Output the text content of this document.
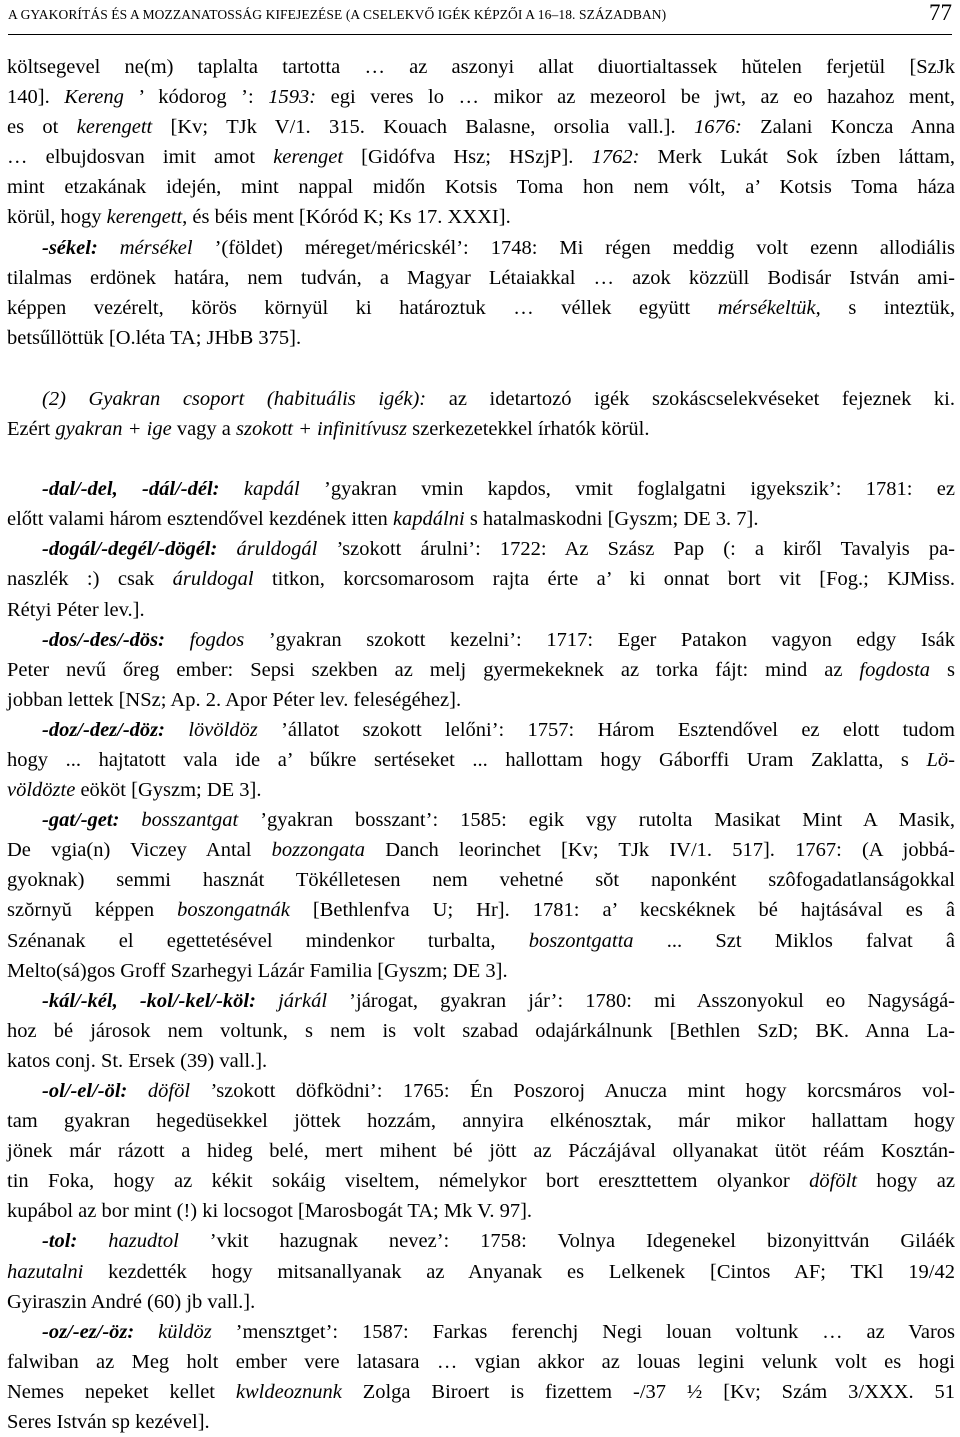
A GYAKORÍTÁS ÉS A MOZZANATOSSÁG KIFEJEZÉSE (A CSELEKVŐ IGÉK KÉPZŐI A 16–18. SZÁZADBAN)	77
költsegevel ne(m) taplalta tartotta … az aszonyi allat diuortialtassek hŭtelen ferjetül [SzJk
140]. Kereng ’ kódorog ’: 1593: egi veres lo … mikor az mezeorol be jwt, az eo hazahoz ment,
es ot kerengett [Kv; TJk V/1. 315. Kouach Balasne, orsolia vall.]. 1676: Zalani Koncza Anna
… elbujdosvan imit amot kerenget [Gidófva Hsz; HSzjP]. 1762: Merk Lukát Sok ízben láttam,
mint etzakának idején, mint nappal midőn Kotsis Toma hon nem vólt, a’ Kotsis Toma háza
körül, hogy kerengett, és béis ment [Kóród K; Ks 17. XXXI].
-sékel: mérsékel ’(földet) méreget/méricskél’: 1748: Mi régen meddig volt ezenn allodiális
tilalmas erdönek határa, nem tudván, a Magyar Létaiakkal … azok közzüll Bodisár István ami-
képpen vezérelt, körös környül ki határoztuk … véllek együtt mérsékeltük, s inteztük,
betsűllöttük [O.léta TA; JHbB 375].
(2) Gyakran csoport (habituális igék): az idetartozó igék szokáscselekvéseket fejeznek ki.
Ezért gyakran + ige vagy a szokott + infinitívusz szerkezetekkel írhatók körül.
-dal/-del, -dál/-dél: kapdál ’gyakran vmin kapdos, vmit foglalgatni igyekszik’: 1781: ez
előtt valami három esztendővel kezdének itten kapdálni s hatalmaskodni [Gyszm; DE 3. 7].
-dogál/-degél/-dögél: áruldogál ’szokott árulni’: 1722: Az Szász Pap (: a kiről Tavalyis pa-
naszlék :) csak áruldogal titkon, korcsomarosom rajta érte a’ ki onnat bort vit [Fog.; KJMiss.
Rétyi Péter lev.].
-dos/-des/-dös: fogdos ’gyakran szokott kezelni’: 1717: Eger Patakon vagyon edgy Isák
Peter nevű őreg ember: Sepsi szekben az melj gyermekeknek az torka fájt: mind az fogdosta s
jobban lettek [NSz; Ap. 2. Apor Péter lev. feleségéhez].
-doz/-dez/-döz: lövöldöz ’állatot szokott lelőni’: 1757: Három Esztendővel ez elott tudom
hogy ... hajtatott vala ide a’ bűkre sertéseket ... hallottam hogy Gáborffi Uram Zaklatta, s Lö-
völdözte eököt [Gyszm; DE 3].
-gat/-get: bosszantgat ’gyakran bosszant’: 1585: egik vgy rutolta Masikat Mint A Masik,
De vgia(n) Viczey Antal bozzongata Danch leorinchet [Kv; TJk IV/1. 517]. 1767: (A jobbá-
gyoknak) semmi hasznát Tökélletesen nem vehetné sŏt naponként szôfogadatlanságokkal
szŏrnyŭ képpen boszongatnák [Bethlenfva U; Hr]. 1781: a’ kecskéknek bé hajtásával es â
Szénanak el egettetésével mindenkor turbalta, boszontgatta ... Szt Miklos falvat â
Melto(sá)gos Groff Szarhegyi Lázár Familia [Gyszm; DE 3].
-kál/-kél, -kol/-kel/-köl: járkál ’járogat, gyakran jár’: 1780: mi Asszonyokul eo Nagyságá-
hoz bé járosok nem voltunk, s nem is volt szabad odajárkálnunk [Bethlen SzD; BK. Anna La-
katos conj. St. Ersek (39) vall.].
-ol/-el/-öl: döföl ’szokott döfködni’: 1765: Én Poszoroj Anucza mint hogy korcsmáros vol-
tam gyakran hegedüsekkel jöttek hozzám, annyira elkénosztak, már mikor hallattam hogy
jönek már rázott a hideg belé, mert mihent bé jött az Páczájával ollyanakat ütöt réám Kosztán-
tin Foka, hogy az kékit sokáig viseltem, némelykor bort ereszttettem olyankor döfölt hogy az
kupábol az bor mint (!) ki locsogot [Marosbogát TA; Mk V. 97].
-tol: hazudtol ’vkit hazugnak nevez’: 1758: Volnya Idegenekel bizonyittván Giláék
hazutalni kezdették hogy mitsanallyanak az Anyanak es Lelkenek [Cintos AF; TKl 19/42
Gyiraszin André (60) jb vall.].
-oz/-ez/-öz: küldöz ’mensztget’: 1587: Farkas ferenchj Negi louan voltunk … az Varos
falwiban az Meg holt ember vere latasara … vgian akkor az louas legini velunk volt es hogi
Nemes nepeket kellet kwldeoznunk Zolga Biroert is fizettem -/37 ½ [Kv; Szám 3/XXX. 51
Seres István sp kezével].
